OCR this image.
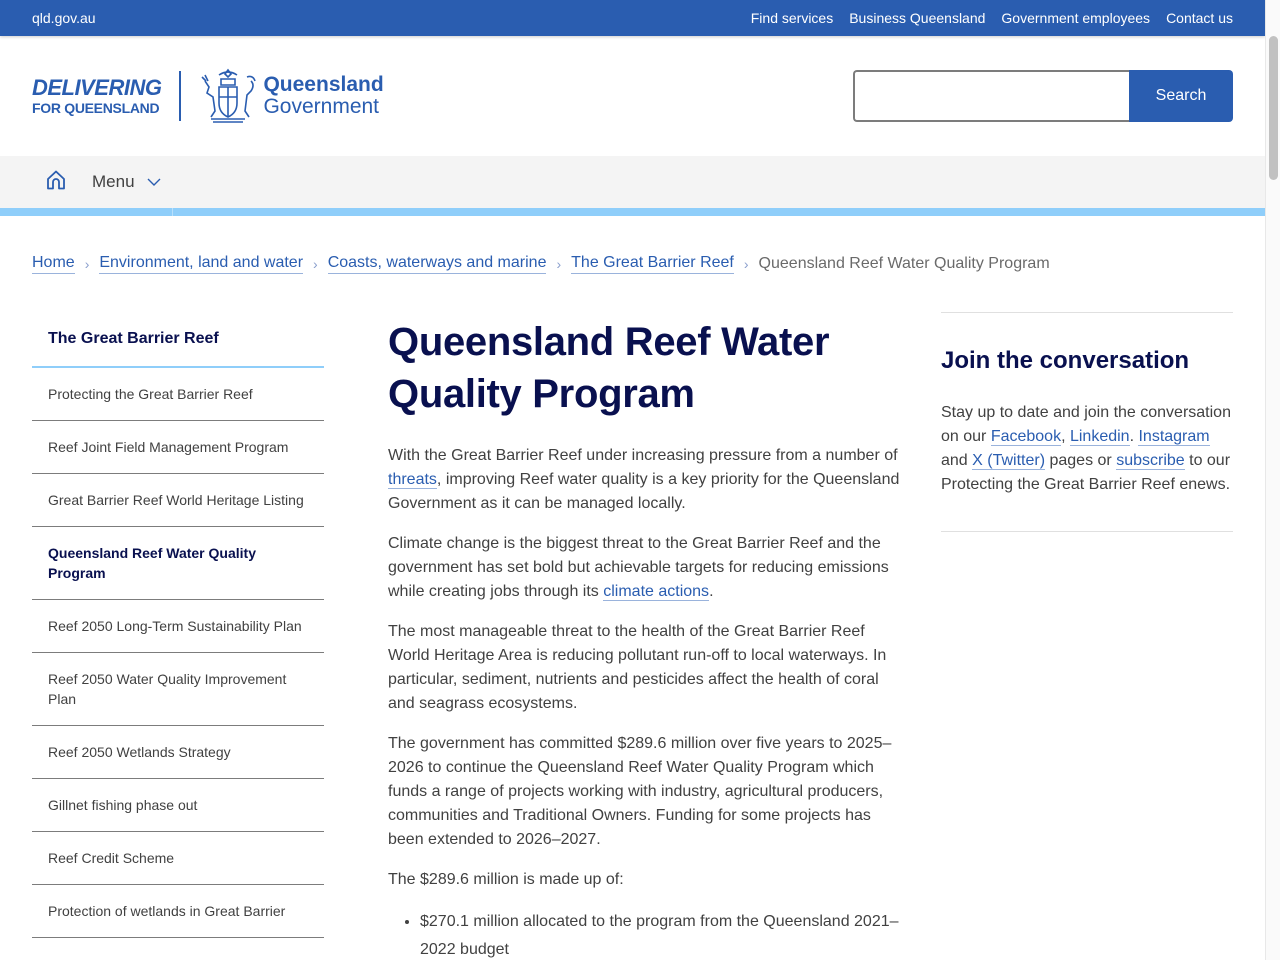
qld.gov.au	Find services Business Queensland Government employees Contact us
DELIVERING
FOR QUEENSLAND
Queensland
Government	Search
Menu
Home › Environment, land and water › Coasts, waterways and marine › The Great Barrier Reef › Queensland Reef Water Quality Program
The Great Barrier Reef
Protecting the Great Barrier Reef
Reef Joint Field Management Program
Great Barrier Reef World Heritage Listing
Queensland Reef Water Quality Program
Reef 2050 Long-Term Sustainability Plan
Reef 2050 Water Quality Improvement Plan
Reef 2050 Wetlands Strategy
Gillnet fishing phase out
Reef Credit Scheme
Protection of wetlands in Great Barrier
Queensland Reef Water Quality Program

With the Great Barrier Reef under increasing pressure from a number of threats, improving Reef water quality is a key priority for the Queensland Government as it can be managed locally.

Climate change is the biggest threat to the Great Barrier Reef and the government has set bold but achievable targets for reducing emissions while creating jobs through its climate actions.

The most manageable threat to the health of the Great Barrier Reef World Heritage Area is reducing pollutant run-off to local waterways. In particular, sediment, nutrients and pesticides affect the health of coral and seagrass ecosystems.

The government has committed $289.6 million over five years to 2025–2026 to continue the Queensland Reef Water Quality Program which funds a range of projects working with industry, agricultural producers, communities and Traditional Owners. Funding for some projects has been extended to 2026–2027.

The $289.6 million is made up of:

• $270.1 million allocated to the program from the Queensland 2021–2022 budget
Join the conversation

Stay up to date and join the conversation on our Facebook, Linkedin. Instagram and X (Twitter) pages or subscribe to our Protecting the Great Barrier Reef enews.
